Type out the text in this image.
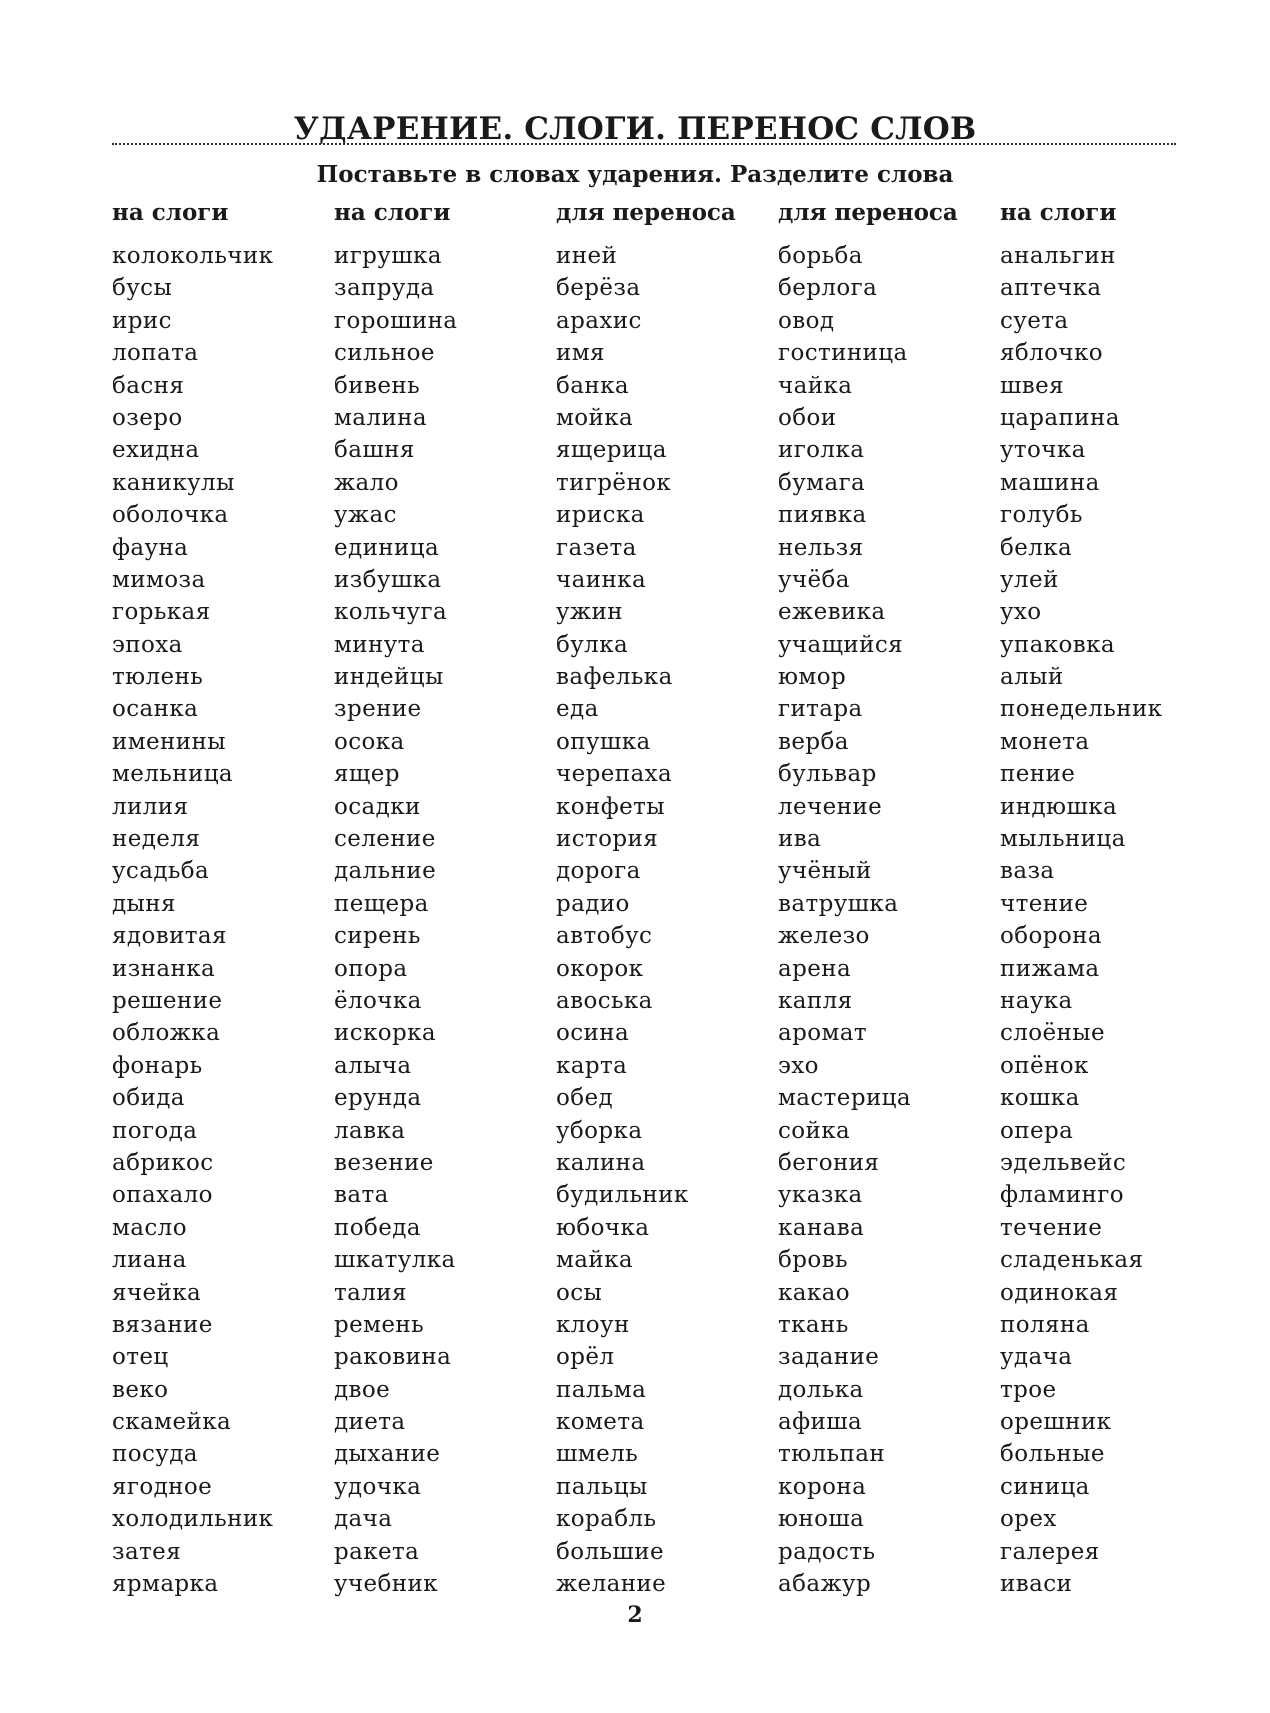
УДАРЕНИЕ. СЛОГИ. ПЕРЕНОС СЛОВ
Поставьте в словах ударения. Разделите слова
на слоги
колокольчик
бусы
ирис
лопата
басня
озеро
ехидна
каникулы
оболочка
фауна
мимоза
горькая
эпоха
тюлень
осанка
именины
мельница
лилия
неделя
усадьба
дыня
ядовитая
изнанка
решение
обложка
фонарь
обида
погода
абрикос
опахало
масло
лиана
ячейка
вязание
отец
веко
скамейка
посуда
ягодное
холодильник
затея
ярмарка
на слоги
игрушка
запруда
горошина
сильное
бивень
малина
башня
жало
ужас
единица
избушка
кольчуга
минута
индейцы
зрение
осока
ящер
осадки
селение
дальние
пещера
сирень
опора
ёлочка
искорка
алыча
ерунда
лавка
везение
вата
победа
шкатулка
талия
ремень
раковина
двое
диета
дыхание
удочка
дача
ракета
учебник
для переноса
иней
берёза
арахис
имя
банка
мойка
ящерица
тигрёнок
ириска
газета
чаинка
ужин
булка
вафелька
еда
опушка
черепаха
конфеты
история
дорога
радио
автобус
окорок
авоська
осина
карта
обед
уборка
калина
будильник
юбочка
майка
осы
клоун
орёл
пальма
комета
шмель
пальцы
корабль
большие
желание
для переноса
борьба
берлога
овод
гостиница
чайка
обои
иголка
бумага
пиявка
нельзя
учёба
ежевика
учащийся
юмор
гитара
верба
бульвар
лечение
ива
учёный
ватрушка
железо
арена
капля
аромат
эхо
мастерица
сойка
бегония
указка
канава
бровь
какао
ткань
задание
долька
афиша
тюльпан
корона
юноша
радость
абажур
на слоги
анальгин
аптечка
суета
яблочко
швея
царапина
уточка
машина
голубь
белка
улей
ухо
упаковка
алый
понедельник
монета
пение
индюшка
мыльница
ваза
чтение
оборона
пижама
наука
слоёные
опёнок
кошка
опера
эдельвейс
фламинго
течение
сладенькая
одинокая
поляна
удача
трое
орешник
больные
синица
орех
галерея
иваси
2
